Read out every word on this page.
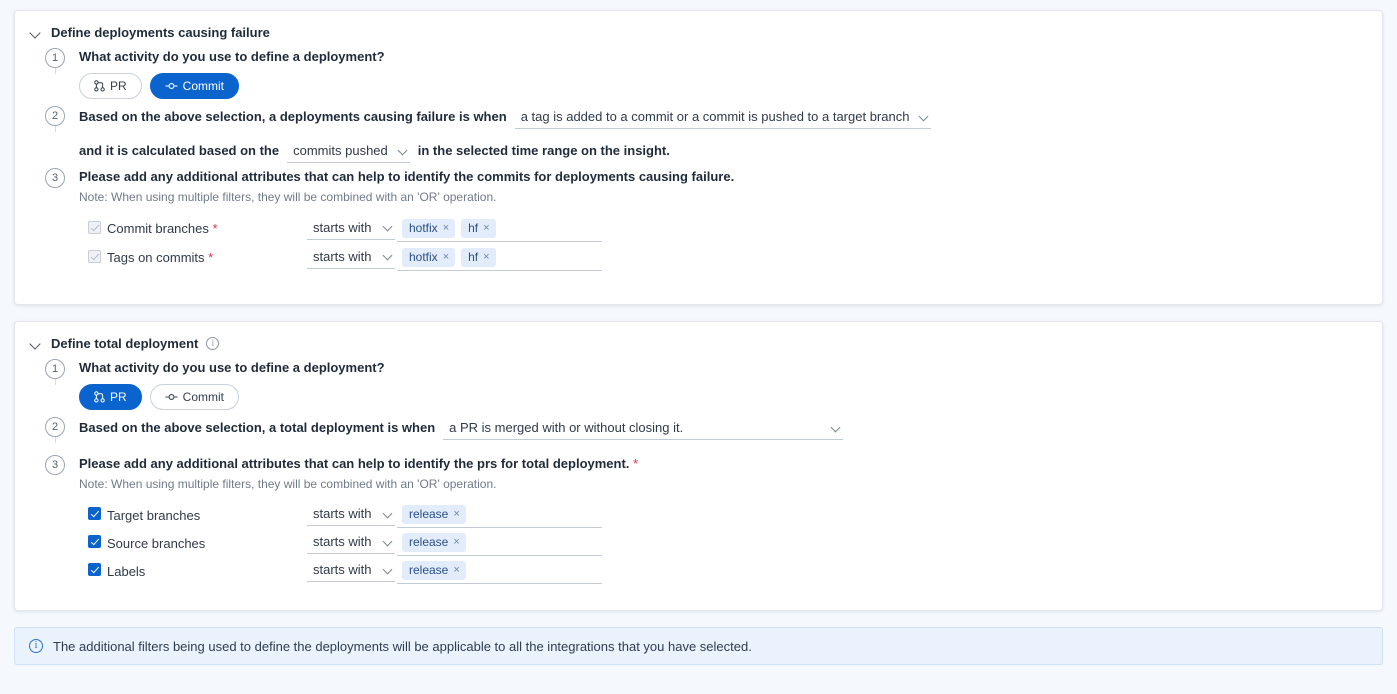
Define deployments causing failure
1	What activity do you use to define a deployment?
PR	Commit
2	Based on the above selection, a deployments causing failure is when a tag is added to a commit or a commit is pushed to a target branch
and it is calculated based on the commits pushed in the selected time range on the insight.
3	Please add any additional attributes that can help to identify the commits for deployments causing failure.
Note: When using multiple filters, they will be combined with an 'OR' operation.
Commit branches *	starts with	hotfix × hf ×
Tags on commits *	starts with	hotfix × hf ×
Define total deployment	i
1	What activity do you use to define a deployment?
PR	Commit
2	Based on the above selection, a total deployment is when a PR is merged with or without closing it.
3	Please add any additional attributes that can help to identify the prs for total deployment. *
Note: When using multiple filters, they will be combined with an 'OR' operation.
Target branches	starts with	release ×
Source branches	starts with	release ×
Labels	starts with	release ×
i	The additional filters being used to define the deployments will be applicable to all the integrations that you have selected.
